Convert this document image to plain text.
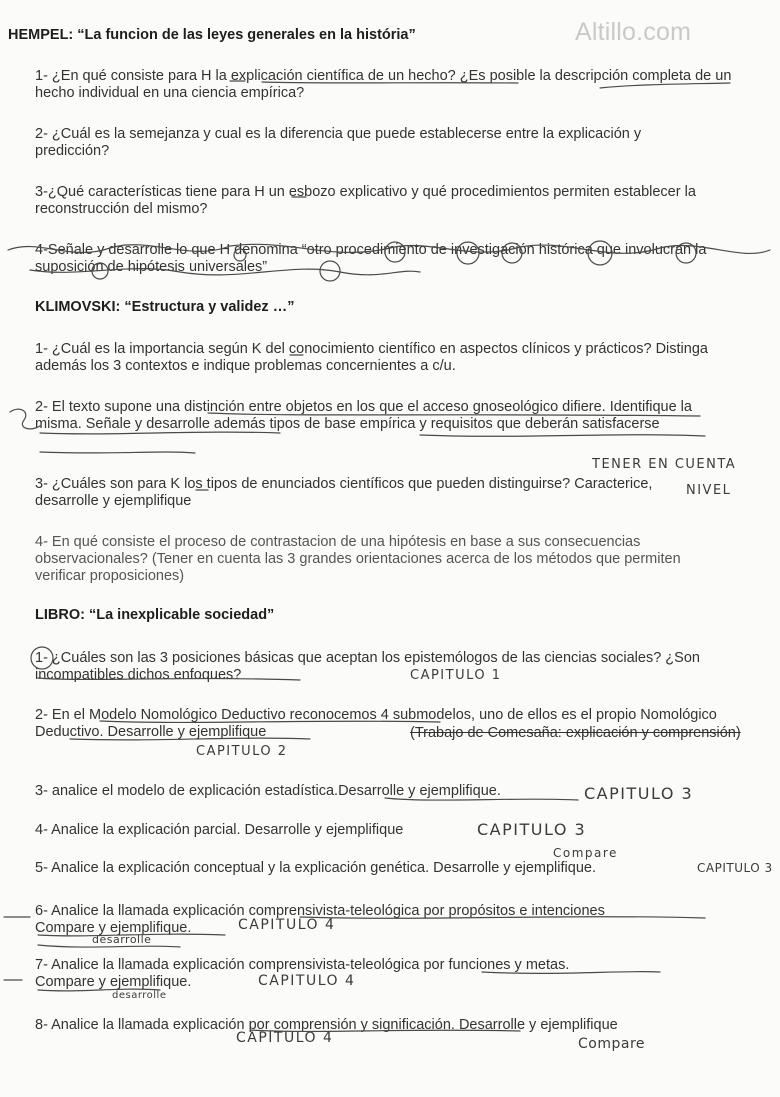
Altillo.com
HEMPEL: “La funcion de las leyes generales en la história”
1- ¿En qué consiste para H la explicación científica de un hecho? ¿Es posible la descripción completa de un hecho individual en una ciencia empírica?
2- ¿Cuál es la semejanza y cual es la diferencia que puede establecerse entre la explicación y predicción?
3-¿Qué características tiene para H un esbozo explicativo y qué procedimientos permiten establecer la reconstrucción del mismo?
4-Señale y desarrolle lo que H denomina “otro procedimiento de investigación histórica que involucran la suposición de hipótesis universales”
KLIMOVSKI: “Estructura y validez …”
1- ¿Cuál es la importancia según K del conocimiento científico en aspectos clínicos y prácticos? Distinga además los 3 contextos e indique problemas concernientes a c/u.
2- El texto supone una distinción entre objetos en los que el acceso gnoseológico difiere. Identifique la misma. Señale y desarrolle además tipos de base empírica y requisitos que deberán satisfacerse
3- ¿Cuáles son para K los tipos de enunciados científicos que pueden distinguirse? Caracterice, desarrolle y ejemplifique
TENER EN CUENTA
NIVEL
4- En qué consiste el proceso de contrastacion de una hipótesis en base a sus consecuencias observacionales? (Tener en cuenta las 3 grandes orientaciones acerca de los métodos que permiten verificar proposiciones)
LIBRO: “La inexplicable sociedad”
1- ¿Cuáles son las 3 posiciones básicas que aceptan los epistemólogos de las ciencias sociales? ¿Son incompatibles dichos enfoques?	CAPITULO 1
2- En el Modelo Nomológico Deductivo reconocemos 4 submodelos, uno de ellos es el propio Nomológico Deductivo. Desarrolle y ejemplifique	(Trabajo de Comesaña: explicación y comprensión)
CAPITULO 2
3- analice el modelo de explicación estadística.Desarrolle y ejemplifique.	CAPITULO 3
4- Analice la explicación parcial. Desarrolle y ejemplifique	CAPITULO 3
5- Analice la explicación conceptual y la explicación genética. Desarrolle y ejemplifique.
Compare
CAPITULO 3
6- Analice la llamada explicación comprensivista-teleológica por propósitos e intenciones
Compare y ejemplifique.	CAPITULO 4
desarrolle
7- Analice la llamada explicación comprensivista-teleológica por funciones y metas.
Compare y ejemplifique.	CAPITULO 4
desarrolle
8- Analice la llamada explicación por comprensión y significación. Desarrolle y ejemplifique
CAPITULO 4	Compare
